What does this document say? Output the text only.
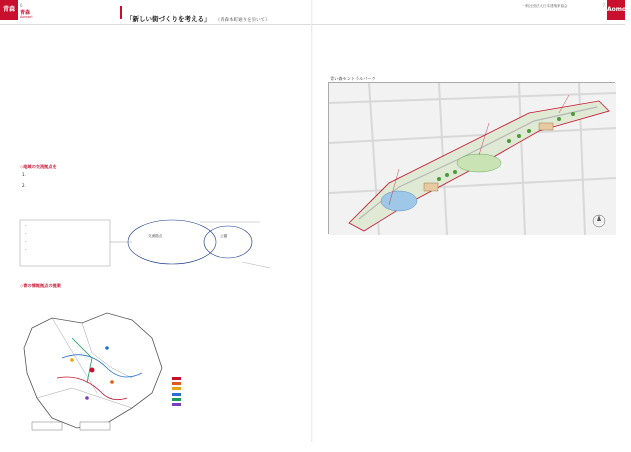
青森
6
青森
Aomori	「新しい街づくりを考える」 （青森本町通りを歩いて）

◇地域の交流拠点を

1.

2.

・
・
・
・
交流拠点	公園
◇青の情報拠点の提案
Aomori
7
一般社団法人日本建築家協会

青い森セントラルパーク
